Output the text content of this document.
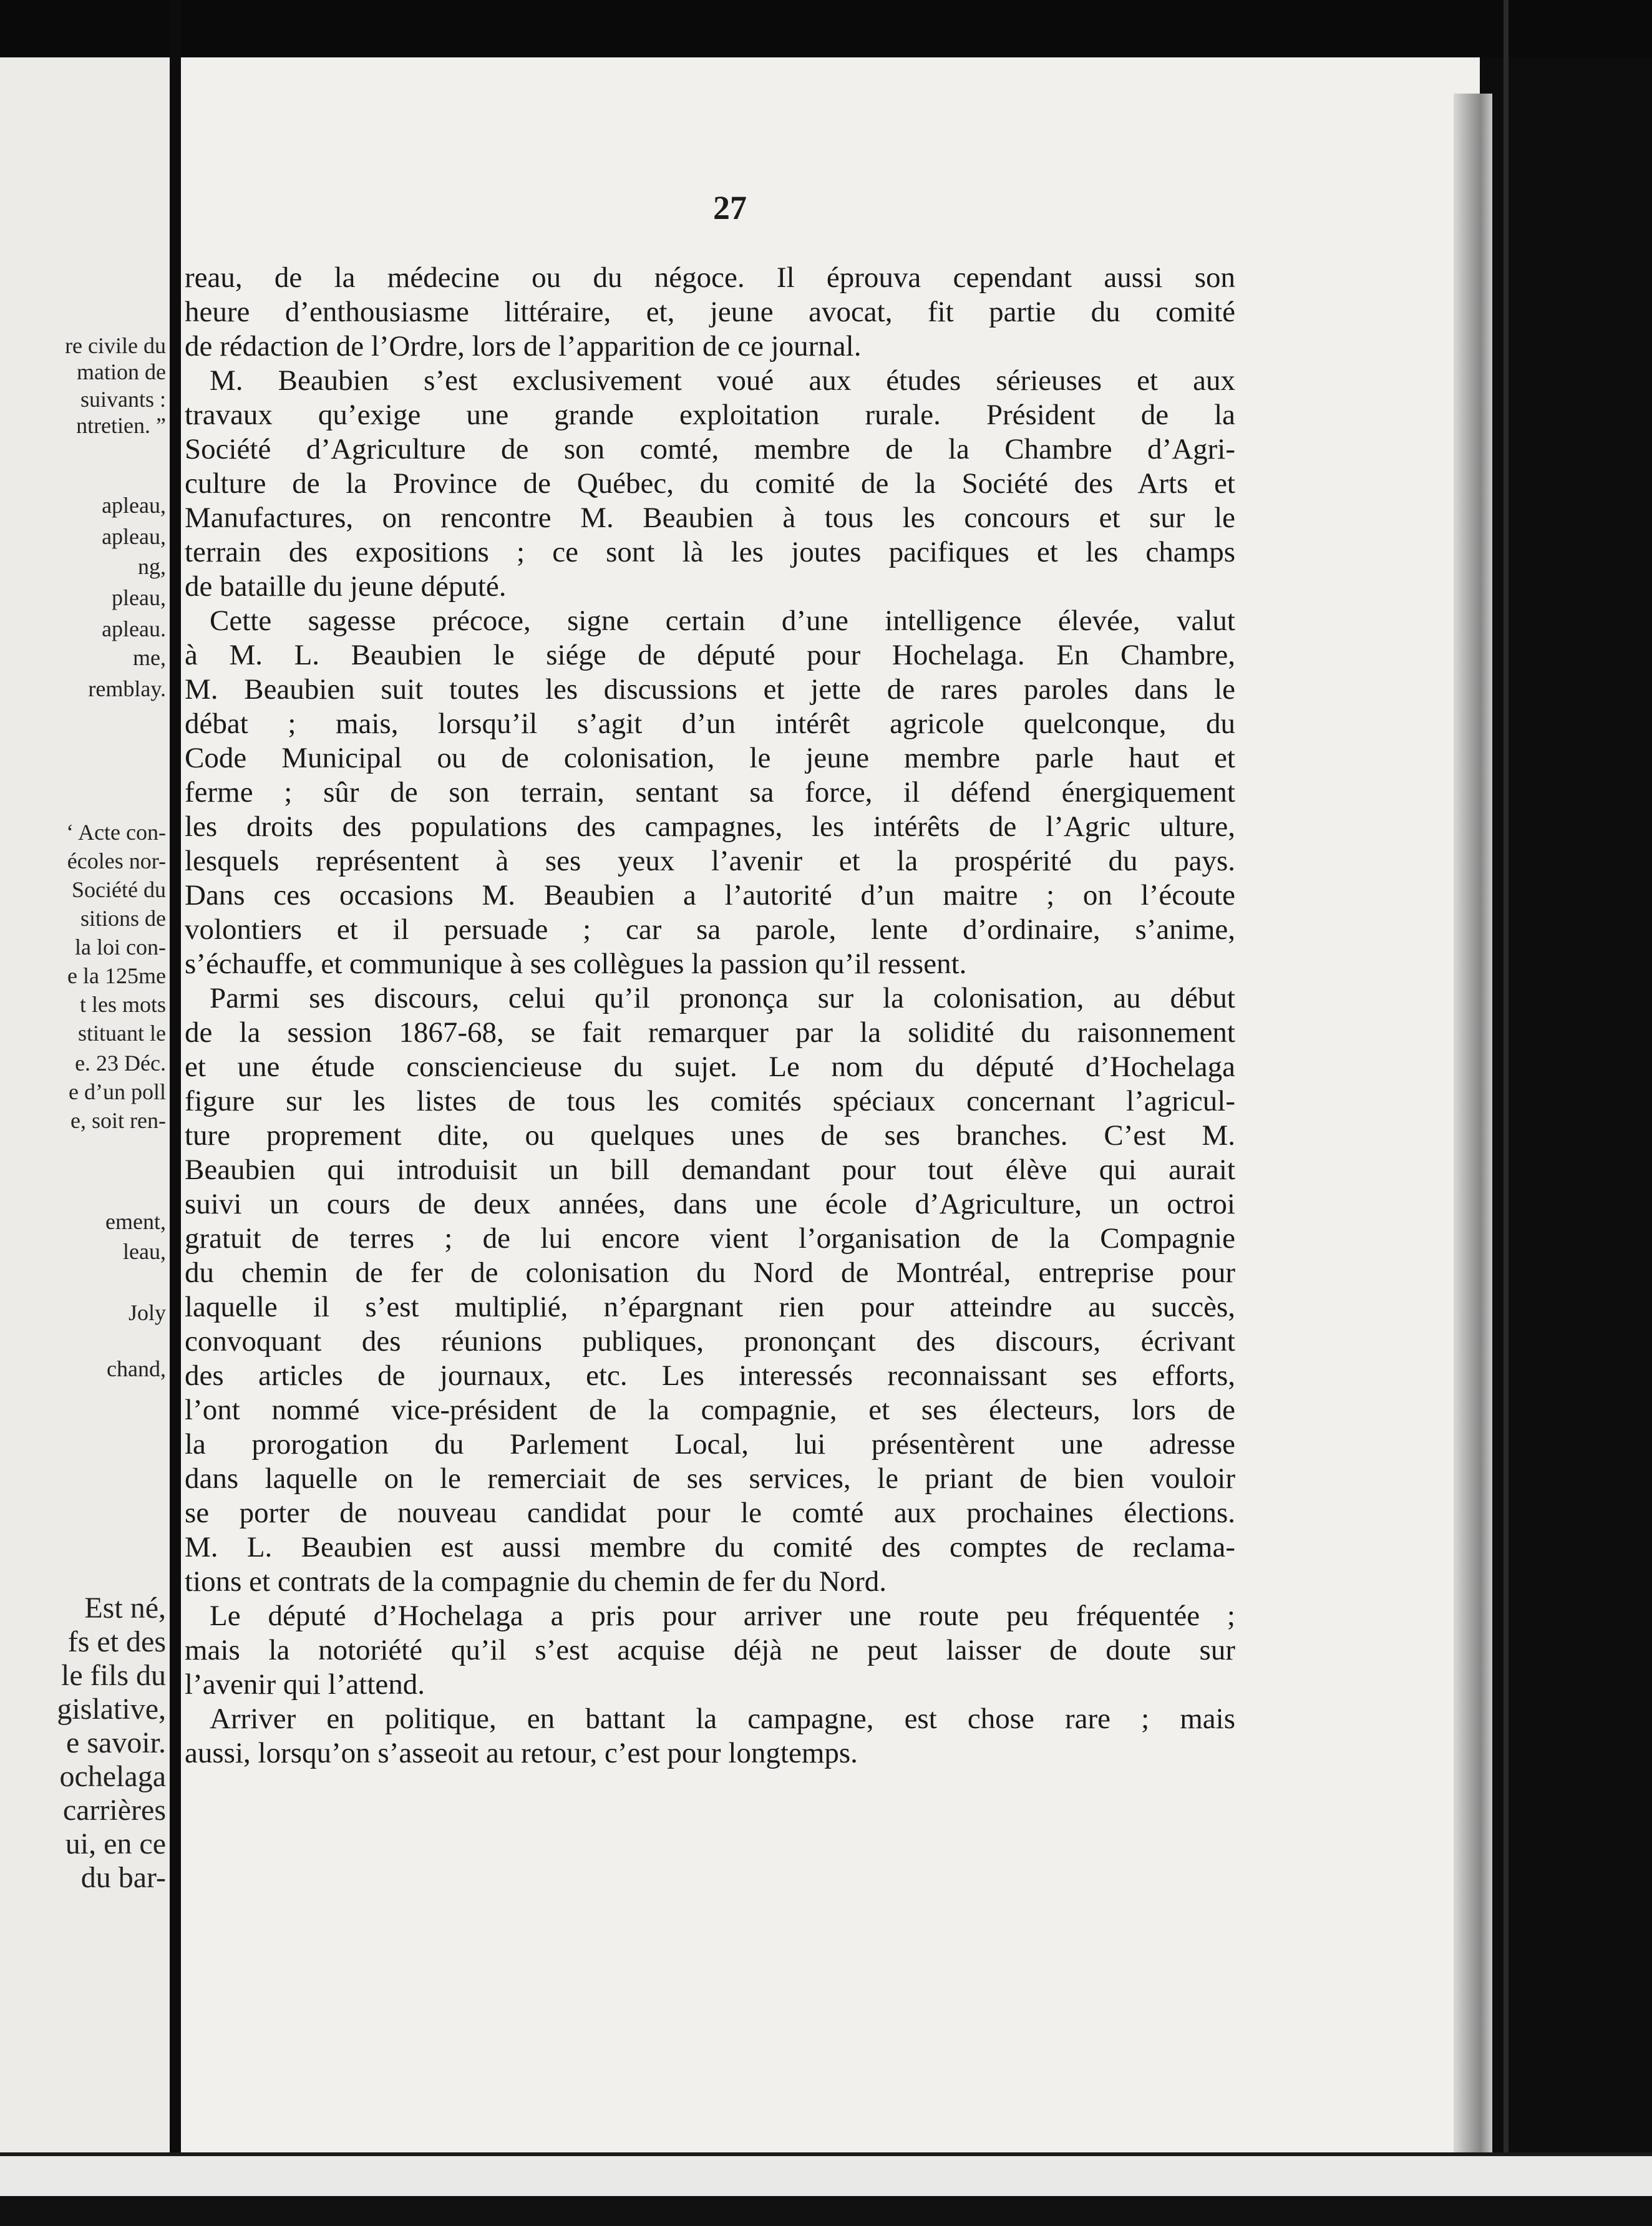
re civile du
mation de
suivants :
ntretien. ”
apleau,
apleau,
ng,
pleau,
apleau.
me,
remblay.
‘ Acte con-
écoles nor-
Société du
sitions de
la loi con-
e la 125me
t les mots
stituant le
e. 23 Déc.
e d’un poll
e, soit ren-
ement,
leau,
Joly
chand,
Est né,
fs et des
le fils du
gislative,
e savoir.
ochelaga
carrières
ui, en ce
du bar-
27
reau, de la médecine ou du négoce. Il éprouva cependant aussi son
heure d’enthousiasme littéraire, et, jeune avocat, fit partie du comité
de rédaction de l’Ordre, lors de l’apparition de ce journal.
M. Beaubien s’est exclusivement voué aux études sérieuses et aux
travaux qu’exige une grande exploitation rurale. Président de la
Société d’Agriculture de son comté, membre de la Chambre d’Agri-
culture de la Province de Québec, du comité de la Société des Arts et
Manufactures, on rencontre M. Beaubien à tous les concours et sur le
terrain des expositions ; ce sont là les joutes pacifiques et les champs
de bataille du jeune député.
Cette sagesse précoce, signe certain d’une intelligence élevée, valut
à M. L. Beaubien le siége de député pour Hochelaga. En Chambre,
M. Beaubien suit toutes les discussions et jette de rares paroles dans le
débat ; mais, lorsqu’il s’agit d’un intérêt agricole quelconque, du
Code Municipal ou de colonisation, le jeune membre parle haut et
ferme ; sûr de son terrain, sentant sa force, il défend énergiquement
les droits des populations des campagnes, les intérêts de l’Agric ulture,
lesquels représentent à ses yeux l’avenir et la prospérité du pays.
Dans ces occasions M. Beaubien a l’autorité d’un maitre ; on l’écoute
volontiers et il persuade ; car sa parole, lente d’ordinaire, s’anime,
s’échauffe, et communique à ses collègues la passion qu’il ressent.
Parmi ses discours, celui qu’il prononça sur la colonisation, au début
de la session 1867-68, se fait remarquer par la solidité du raisonnement
et une étude consciencieuse du sujet. Le nom du député d’Hochelaga
figure sur les listes de tous les comités spéciaux concernant l’agricul-
ture proprement dite, ou quelques unes de ses branches. C’est M.
Beaubien qui introduisit un bill demandant pour tout élève qui aurait
suivi un cours de deux années, dans une école d’Agriculture, un octroi
gratuit de terres ; de lui encore vient l’organisation de la Compagnie
du chemin de fer de colonisation du Nord de Montréal, entreprise pour
laquelle il s’est multiplié, n’épargnant rien pour atteindre au succès,
convoquant des réunions publiques, prononçant des discours, écrivant
des articles de journaux, etc. Les interessés reconnaissant ses efforts,
l’ont nommé vice-président de la compagnie, et ses électeurs, lors de
la prorogation du Parlement Local, lui présentèrent une adresse
dans laquelle on le remerciait de ses services, le priant de bien vouloir
se porter de nouveau candidat pour le comté aux prochaines élections.
M. L. Beaubien est aussi membre du comité des comptes de reclama-
tions et contrats de la compagnie du chemin de fer du Nord.
Le député d’Hochelaga a pris pour arriver une route peu fréquentée ;
mais la notoriété qu’il s’est acquise déjà ne peut laisser de doute sur
l’avenir qui l’attend.
Arriver en politique, en battant la campagne, est chose rare ; mais
aussi, lorsqu’on s’asseoit au retour, c’est pour longtemps.
